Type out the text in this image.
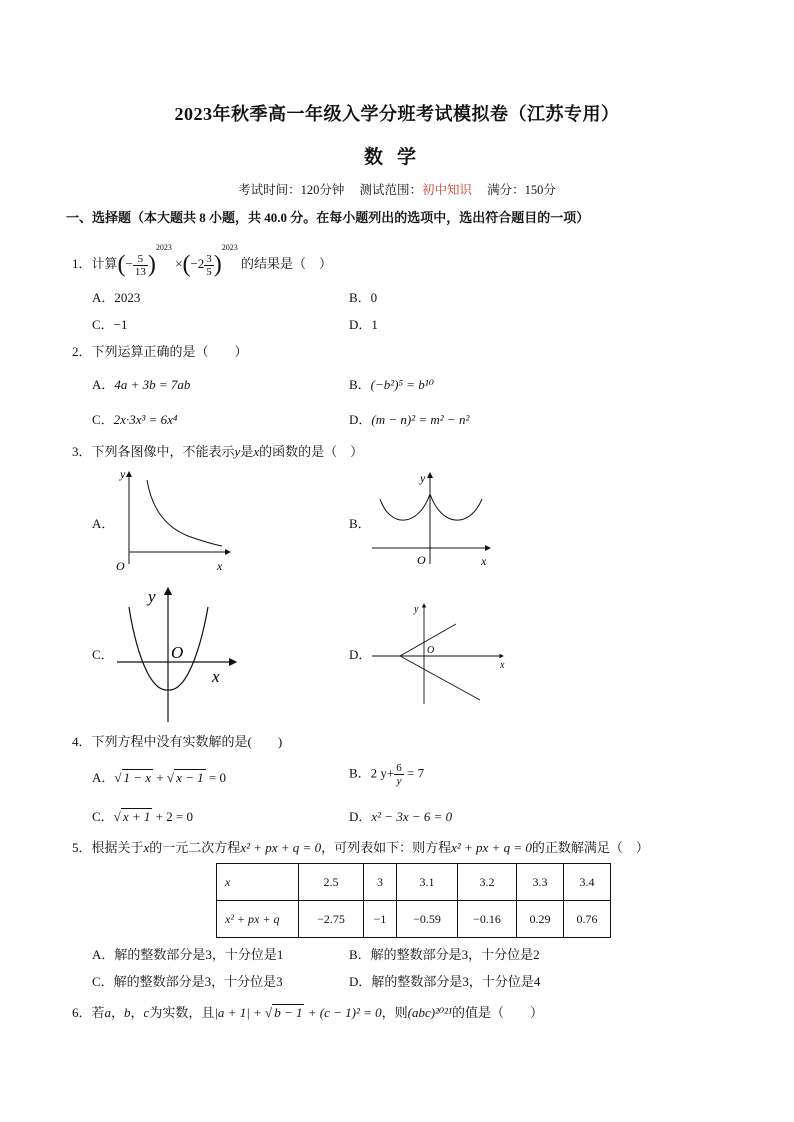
2023年秋季高一年级入学分班考试模拟卷（江苏专用）
数学
考试时间：120分钟 测试范围：初中知识 满分：150分
一、选择题（本大题共 8 小题，共 40.0 分。在每小题列出的选项中，选出符合题目的一项）
1．计算(− $\frac{5}{13} )^{2023} \times(-2 \frac{3}{5} )^{2023}$ 的结果是（　）
A．2023	B．0
C．−1	D．1
2．下列运算正确的是（　　）
A．4a + 3b = 7ab	B．(−b²)⁵ = b¹⁰
C．2x·3x³ = 6x⁴	D．(m − n)² = m² − n²
3．下列各图像中，不能表示y是x的函数的是（　）
A．	B．
C．	D．
y
O	x
y
O	x
y
O
x
y
O
x
4．下列方程中没有实数解的是(　　)
A．√ 1 − x + √ x − 1 = 0	B．2 $y+ \frac{6}{y} = 7$
C．√ x + 1 + 2 = 0	D．x² − 3x − 6 = 0
5．根据关于x的一元二次方程x² + px + q = 0，可列表如下：则方程x² + px + q = 0的正数解满足（　）
x	2.5	3	3.1	3.2	3.3	3.4
x² + px + q	−2.75	−1	−0.59	−0.16	0.29	0.76
A．解的整数部分是3，十分位是1	B．解的整数部分是3，十分位是2
C．解的整数部分是3，十分位是3	D．解的整数部分是3，十分位是4
6．若a，b，c为实数，且|a + 1| + √ b − 1 + (c − 1)² = 0，则(abc)²⁰²¹的值是（　　）
